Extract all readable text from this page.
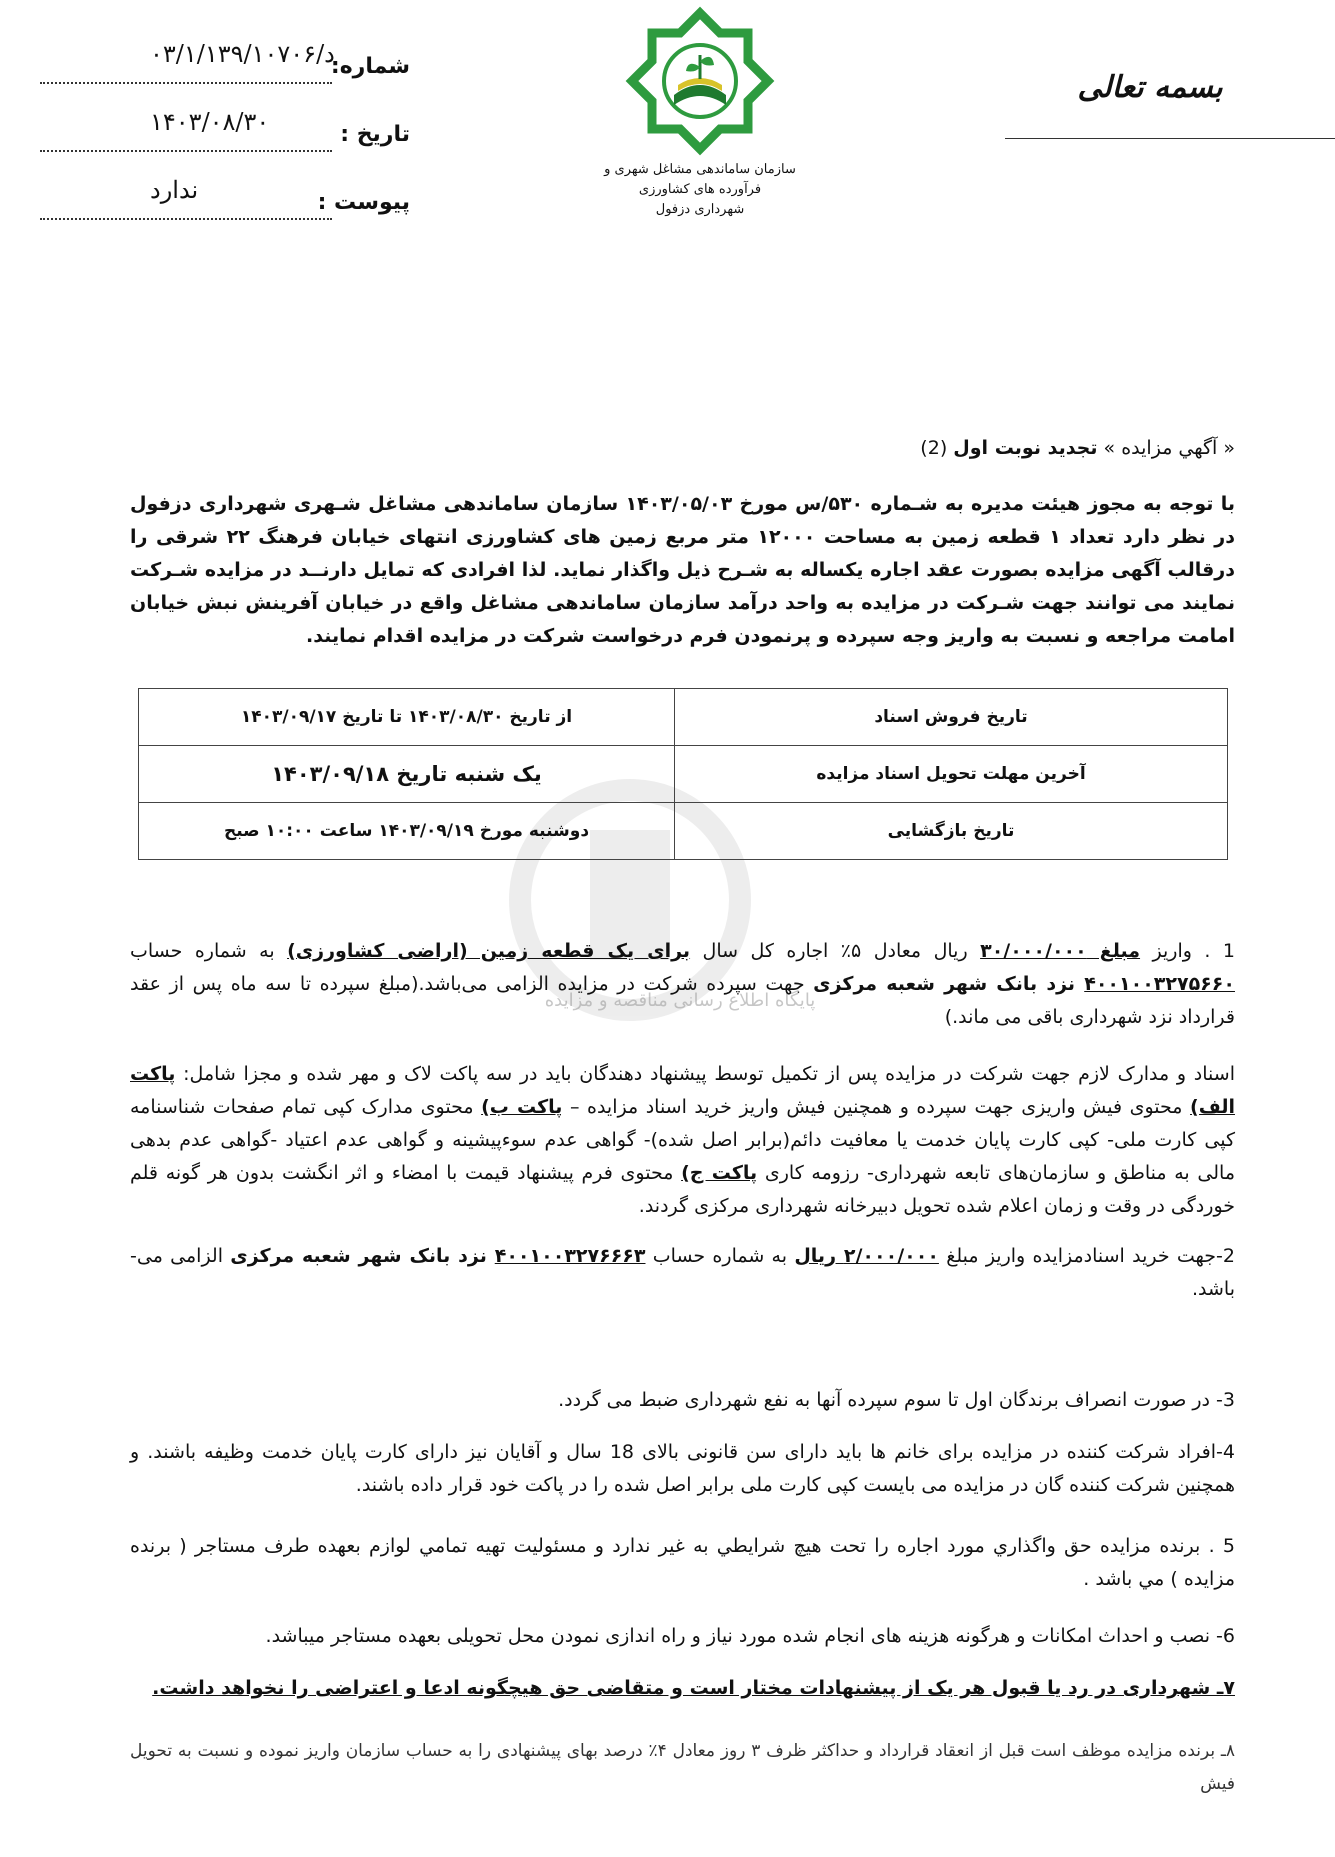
د/۰۳/۱/۱۳۹/۱۰۷۰۶
شماره:
۱۴۰۳/۰۸/۳۰	تاریخ :
ندارد	پیوست :
سازمان ساماندهی مشاغل شهری و فرآورده های کشاورزی
شهرداری دزفول
بسمه تعالی
« آگهي مزايده » تجدید نوبت اول (2)
با توجه به مجوز هیئت مدیره به شـماره ۵۳۰/س مورخ ۱۴۰۳/۰۵/۰۳ سازمان ساماندهی مشاغل شـهری شهرداری دزفول در نظر دارد تعداد ۱ قطعه زمین به مساحت ۱۲۰۰۰ متر مربع زمین های کشاورزی انتهای خیابان فرهنگ ۲۲ شرقی را درقالب آگهی مزایده بصورت عقد اجاره یکساله به شـرح ذیل واگذار نماید. لذا افرادی که تمایل دارنــد در مزایده شـرکت نمایند می توانند جهت شـرکت در مزایده به واحد درآمد سازمان ساماندهی مشاغل واقع در خیابان آفرینش نبش خیابان امامت مراجعه و نسبت به واریز وجه سپرده و پرنمودن فرم درخواست شرکت در مزایده اقدام نمایند.
پایگاه اطلاع رسانی مناقصه و مزایده
تاریخ فروش اسناد	از تاریخ ۱۴۰۳/۰۸/۳۰ تا تاریخ ۱۴۰۳/۰۹/۱۷
آخرین مهلت تحویل اسناد مزایده	یک شنبه تاریخ ۱۴۰۳/۰۹/۱۸
تاریخ بازگشایی	دوشنبه مورخ ۱۴۰۳/۰۹/۱۹ ساعت ۱۰:۰۰ صبح
1 . واریز مبلغ ۳۰/۰۰۰/۰۰۰ ریال معادل ۵٪ اجاره کل سال برای یک قطعه زمین (اراضی کشاورزی) به شماره حساب ۴۰۰۱۰۰۳۲۷۵۶۶۰ نزد بانک شهر شعبه مرکزی جهت سپرده شرکت در مزایده الزامی می‌باشد.(مبلغ سپرده تا سه ماه پس از عقد قرارداد نزد شهرداری باقی می ماند.)
اسناد و مدارک لازم جهت شرکت در مزایده پس از تکمیل توسط پیشنهاد دهندگان باید در سه پاکت لاک و مهر شده و مجزا شامل: پاکت الف) محتوی فیش واریزی جهت سپرده و همچنین فیش واریز خرید اسناد مزایده – پاکت ب) محتوی مدارک کپی تمام صفحات شناسنامه کپی کارت ملی- کپی کارت پایان خدمت یا معافیت دائم(برابر اصل شده)- گواهی عدم سوءپیشینه و گواهی عدم اعتیاد -گواهی عدم بدهی مالی به مناطق و سازمان‌های تابعه شهرداری- رزومه کاری پاکت ج) محتوی فرم پیشنهاد قیمت با امضاء و اثر انگشت بدون هر گونه قلم خوردگی در وقت و زمان اعلام شده تحویل دبیرخانه شهرداری مرکزی گردند.
2-جهت خرید اسنادمزایده واریز مبلغ ۲/۰۰۰/۰۰۰ ریال به شماره حساب ۴۰۰۱۰۰۳۲۷۶۶۶۳ نزد بانک شهر شعبه مرکزی الزامی می-باشد.
3- در صورت انصراف برندگان اول تا سوم سپرده آنها به نفع شهرداری ضبط می گردد.
4-افراد شرکت کننده در مزایده برای خانم ها باید دارای سن قانونی بالای 18 سال و آقایان نیز دارای کارت پایان خدمت وظیفه باشند. و همچنین شرکت کننده گان در مزایده می بایست کپی کارت ملی برابر اصل شده را در پاکت خود قرار داده باشند.
5 . برنده مزايده حق واگذاري مورد اجاره را تحت هيچ شرايطي به غير ندارد و مسئوليت تهيه تمامي لوازم بعهده طرف مستاجر ( برنده مزايده ) مي باشد .
6- نصب و احداث امکانات و هرگونه هزینه های انجام شده مورد نیاز و راه اندازی نمودن محل تحویلی بعهده مستاجر میباشد.
۷ـ شهرداری در رد یا قبول هر یک از پیشنهادات مختار است و متقاضی حق هیچگونه ادعا و اعتراضی را نخواهد داشت.
۸ـ برنده مزایده موظف است قبل از انعقاد قرارداد و حداکثر ظرف ۳ روز معادل ۴٪ درصد بهای پیشنهادی را به حساب سازمان واریز نموده و نسبت به تحویل فیش
